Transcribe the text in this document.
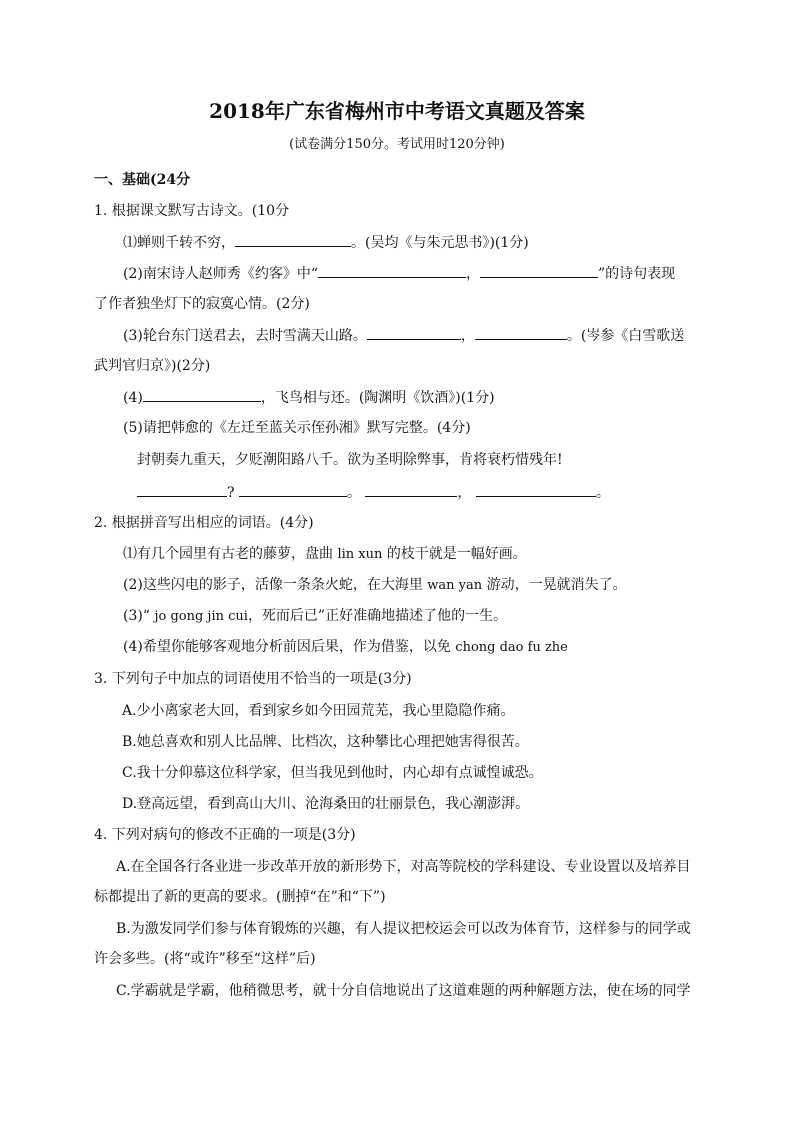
2018年广东省梅州市中考语文真题及答案
(试卷满分150分。考试用时120分钟)
一、基础(24分
1. 根据课文默写古诗文。(10分
⑴蝉则千转不穷，	。(吴均《与朱元思书》)(1分)
(2)南宋诗人赵师秀《约客》中“	，	”的诗句表现
了作者独坐灯下的寂寞心情。(2分)
(3)轮台东门送君去，去时雪满天山路。	，	。(岑参《白雪歌送
武判官归京》)(2分)
(4)	，飞鸟相与还。(陶渊明《饮酒》)(1分)
(5)请把韩愈的《左迁至蓝关示侄孙湘》默写完整。(4分)
封朝奏九重天，夕贬潮阳路八千。欲为圣明除弊事，肯将衰朽惜残年!
?	。	，	。
2. 根据拼音写出相应的词语。(4分)
⑴有几个园里有古老的藤萝，盘曲 lin xun 的枝干就是一幅好画。
(2)这些闪电的影子，活像一条条火蛇，在大海里 wan yan 游动，一晃就消失了。
(3)“ jo gong jin cui，死而后已”正好准确地描述了他的一生。
(4)希望你能够客观地分析前因后果，作为借鉴，以免 chong dao fu zhe
3. 下列句子中加点的词语使用不恰当的一项是(3分)
A.少小离家老大回，看到家乡如今田园荒芜，我心里隐隐作痛。
B.她总喜欢和别人比品牌、比档次，这种攀比心理把她害得很苦。
C.我十分仰慕这位科学家，但当我见到他时，内心却有点诚惶诚恐。
D.登高远望，看到高山大川、沧海桑田的壮丽景色，我心潮澎湃。
4. 下列对病句的修改不正确的一项是(3分)
A.在全国各行各业进一步改革开放的新形势下，对高等院校的学科建设、专业设置以及培养目
标都提出了新的更高的要求。(删掉“在”和“下”)
B.为激发同学们参与体育锻炼的兴趣，有人提议把校运会可以改为体育节，这样参与的同学或
许会多些。(将“或许”移至“这样”后)
C.学霸就是学霸，他稍微思考，就十分自信地说出了这道难题的两种解题方法，使在场的同学
